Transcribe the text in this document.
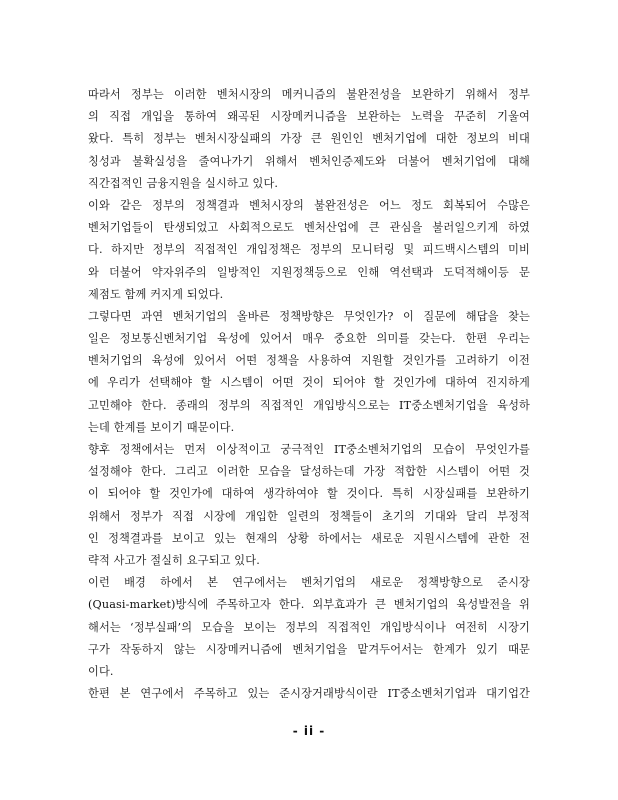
따라서 정부는 이러한 벤처시장의 메커니즘의 불완전성을 보완하기 위해서 정부
의 직접 개입을 통하여 왜곡된 시장메커니즘을 보완하는 노력을 꾸준히 기울여
왔다. 특히 정부는 벤처시장실패의 가장 큰 원인인 벤처기업에 대한 정보의 비대
칭성과 불확실성을 줄여나가기 위해서 벤처인증제도와 더불어 벤처기업에 대해
직간접적인 금융지원을 실시하고 있다.
이와 같은 정부의 정책결과 벤처시장의 불완전성은 어느 정도 회복되어 수많은
벤처기업들이 탄생되었고 사회적으로도 벤처산업에 큰 관심을 불러일으키게 하였
다. 하지만 정부의 직접적인 개입정책은 정부의 모니터링 및 피드백시스템의 미비
와 더불어 약자위주의 일방적인 지원정책등으로 인해 역선택과 도덕적해이등 문
제점도 함께 커지게 되었다.
그렇다면 과연 벤처기업의 올바른 정책방향은 무엇인가? 이 질문에 해답을 찾는
일은 정보통신벤처기업 육성에 있어서 매우 중요한 의미를 갖는다. 한편 우리는
벤처기업의 육성에 있어서 어떤 정책을 사용하여 지원할 것인가를 고려하기 이전
에 우리가 선택해야 할 시스템이 어떤 것이 되어야 할 것인가에 대하여 진지하게
고민해야 한다. 종래의 정부의 직접적인 개입방식으로는 IT중소벤처기업을 육성하
는데 한계를 보이기 때문이다.
향후 정책에서는 먼저 이상적이고 궁극적인 IT중소벤처기업의 모습이 무엇인가를
설정해야 한다. 그리고 이러한 모습을 달성하는데 가장 적합한 시스템이 어떤 것
이 되어야 할 것인가에 대하여 생각하여야 할 것이다. 특히 시장실패를 보완하기
위해서 정부가 직접 시장에 개입한 일련의 정책들이 초기의 기대와 달리 부정적
인 정책결과를 보이고 있는 현재의 상황 하에서는 새로운 지원시스템에 관한 전
략적 사고가 절실히 요구되고 있다.
이런 배경 하에서 본 연구에서는 벤처기업의 새로운 정책방향으로 준시장
(Quasi-market)방식에 주목하고자 한다. 외부효과가 큰 벤처기업의 육성발전을 위
해서는 ‘정부실패’의 모습을 보이는 정부의 직접적인 개입방식이나 여전히 시장기
구가 작동하지 않는 시장메커니즘에 벤처기업을 맡겨두어서는 한계가 있기 때문
이다.
한편 본 연구에서 주목하고 있는 준시장거래방식이란 IT중소벤처기업과 대기업간
- ii -
